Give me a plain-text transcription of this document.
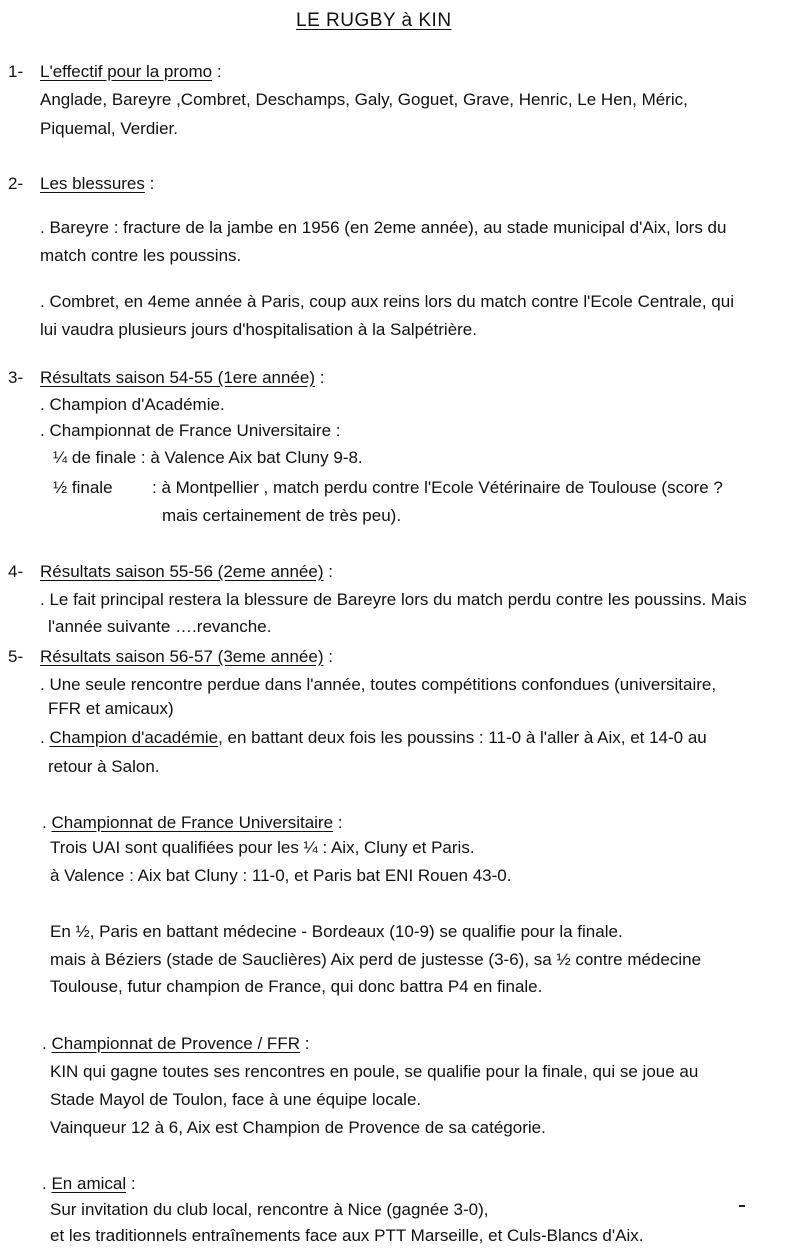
LE RUGBY à KIN
1- L'effectif pour la promo :
Anglade, Bareyre ,Combret, Deschamps, Galy, Goguet, Grave, Henric, Le Hen, Méric,
Piquemal, Verdier.
2- Les blessures :
. Bareyre : fracture de la jambe en 1956 (en 2eme année), au stade municipal d'Aix, lors du
match contre les poussins.
. Combret, en 4eme année à Paris, coup aux reins lors du match contre l'Ecole Centrale, qui
lui vaudra plusieurs jours d'hospitalisation à la Salpétrière.
3- Résultats saison 54-55 (1ere année) :
. Champion d'Académie.
. Championnat de France Universitaire :
¼ de finale : à Valence Aix bat Cluny 9-8.
½ finale : à Montpellier , match perdu contre l'Ecole Vétérinaire de Toulouse (score ?
mais certainement de très peu).
4- Résultats saison 55-56 (2eme année) :
. Le fait principal restera la blessure de Bareyre lors du match perdu contre les poussins. Mais
l'année suivante ….revanche.
5- Résultats saison 56-57 (3eme année) :
. Une seule rencontre perdue dans l'année, toutes compétitions confondues (universitaire,
FFR et amicaux)
. Champion d'académie, en battant deux fois les poussins : 11-0 à l'aller à Aix, et 14-0 au
retour à Salon.
. Championnat de France Universitaire :
Trois UAI sont qualifiées pour les ¼ : Aix, Cluny et Paris.
à Valence : Aix bat Cluny : 11-0, et Paris bat ENI Rouen 43-0.
En ½, Paris en battant médecine - Bordeaux (10-9) se qualifie pour la finale.
mais à Béziers (stade de Sauclières) Aix perd de justesse (3-6), sa ½ contre médecine
Toulouse, futur champion de France, qui donc battra P4 en finale.
. Championnat de Provence / FFR :
KIN qui gagne toutes ses rencontres en poule, se qualifie pour la finale, qui se joue au
Stade Mayol de Toulon, face à une équipe locale.
Vainqueur 12 à 6, Aix est Champion de Provence de sa catégorie.
. En amical :
Sur invitation du club local, rencontre à Nice (gagnée 3-0),
et les traditionnels entraînements face aux PTT Marseille, et Culs-Blancs d'Aix.
